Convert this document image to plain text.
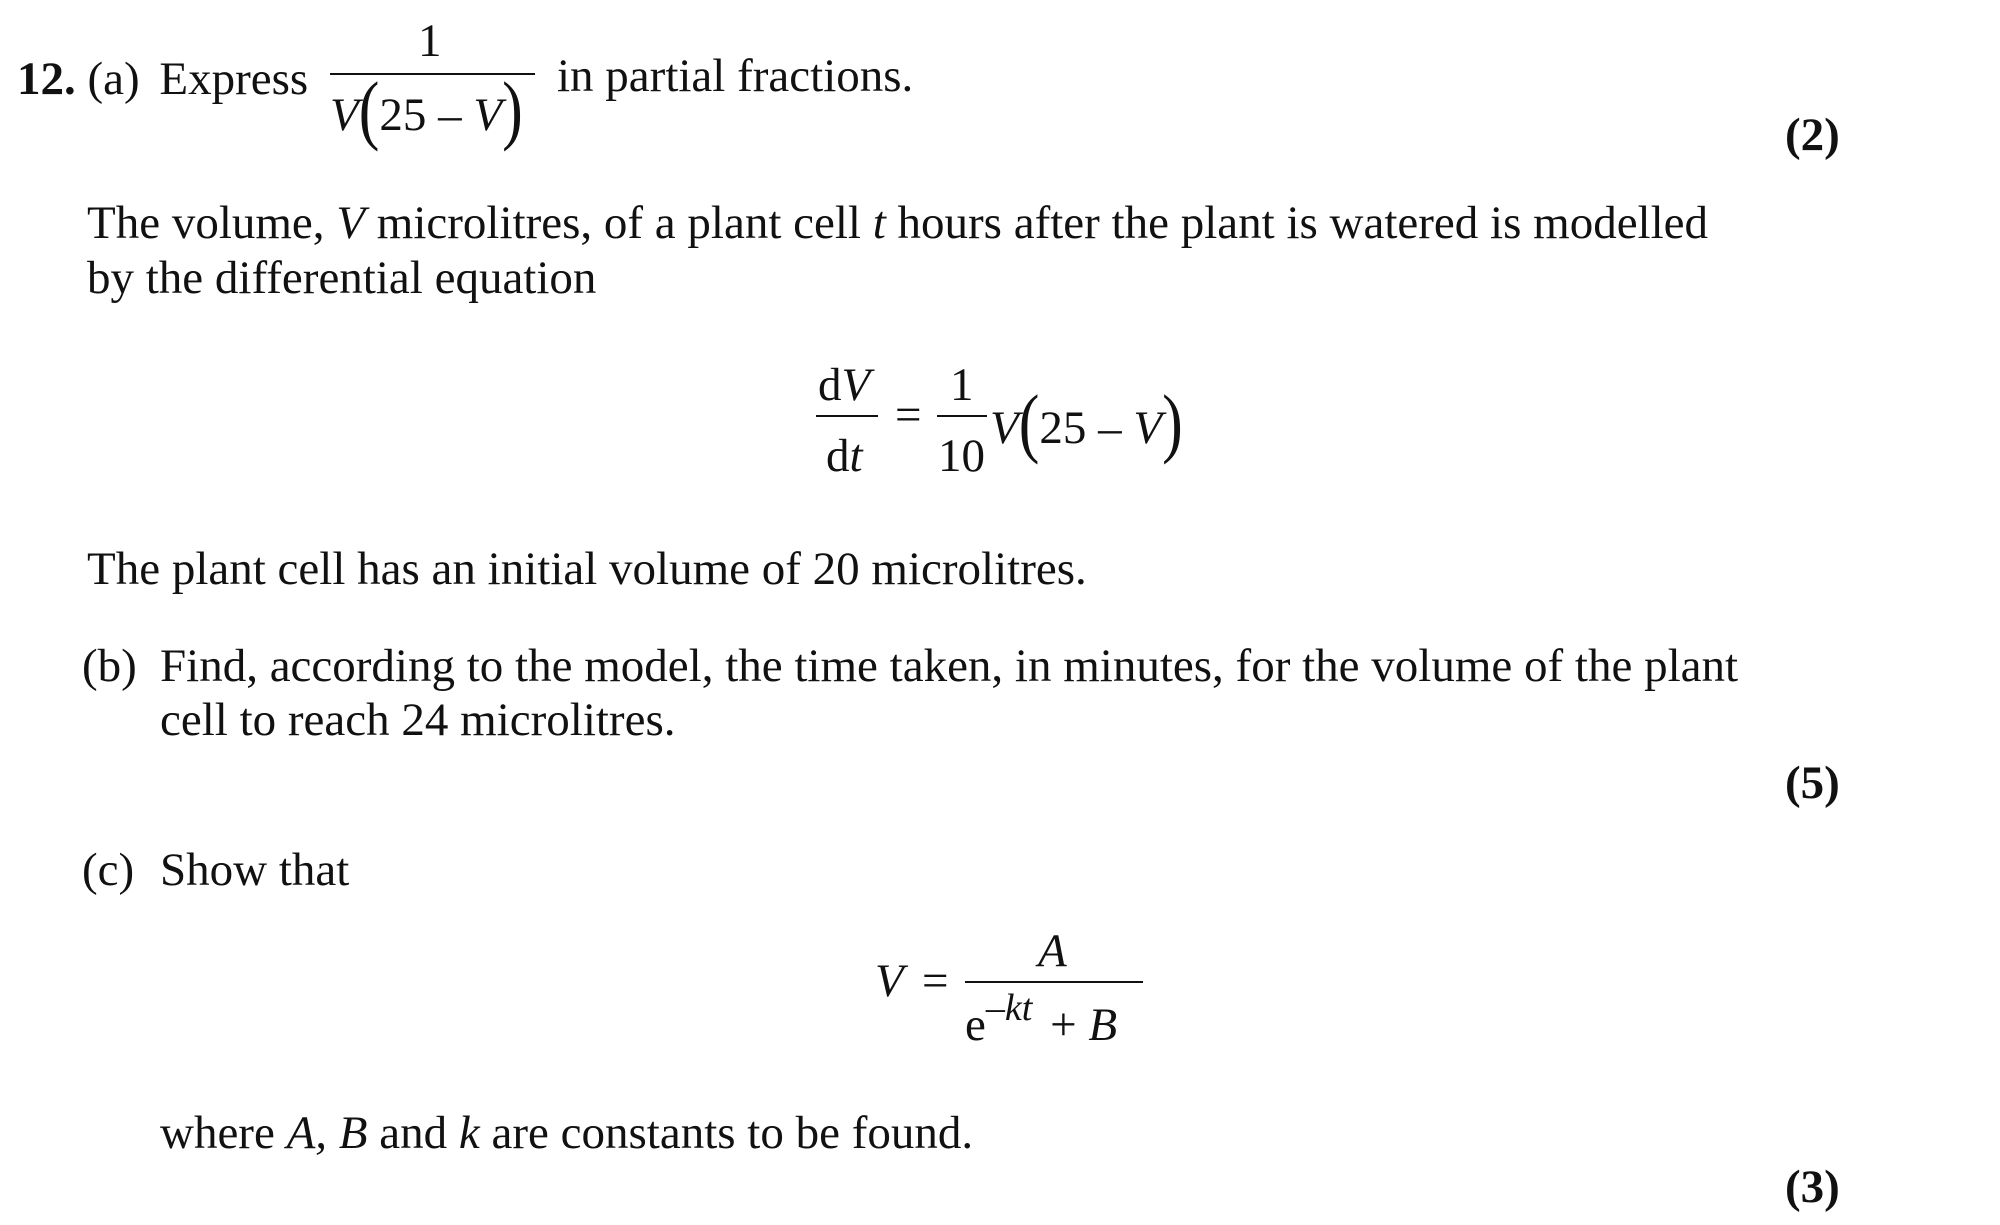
12. (a) Express
1
V(25 – V) in partial fractions.
(2)
The volume, V microlitres, of a plant cell t hours after the plant is watered is modelled
by the differential equation
dV
dt
=
1
10
V(25 – V)
The plant cell has an initial volume of 20 microlitres.
(b) Find, according to the model, the time taken, in minutes, for the volume of the plant
cell to reach 24 microlitres.
(5)
(c) Show that
V =
A
$e^{-kt} + B$
where A, B and k are constants to be found.
(3)
